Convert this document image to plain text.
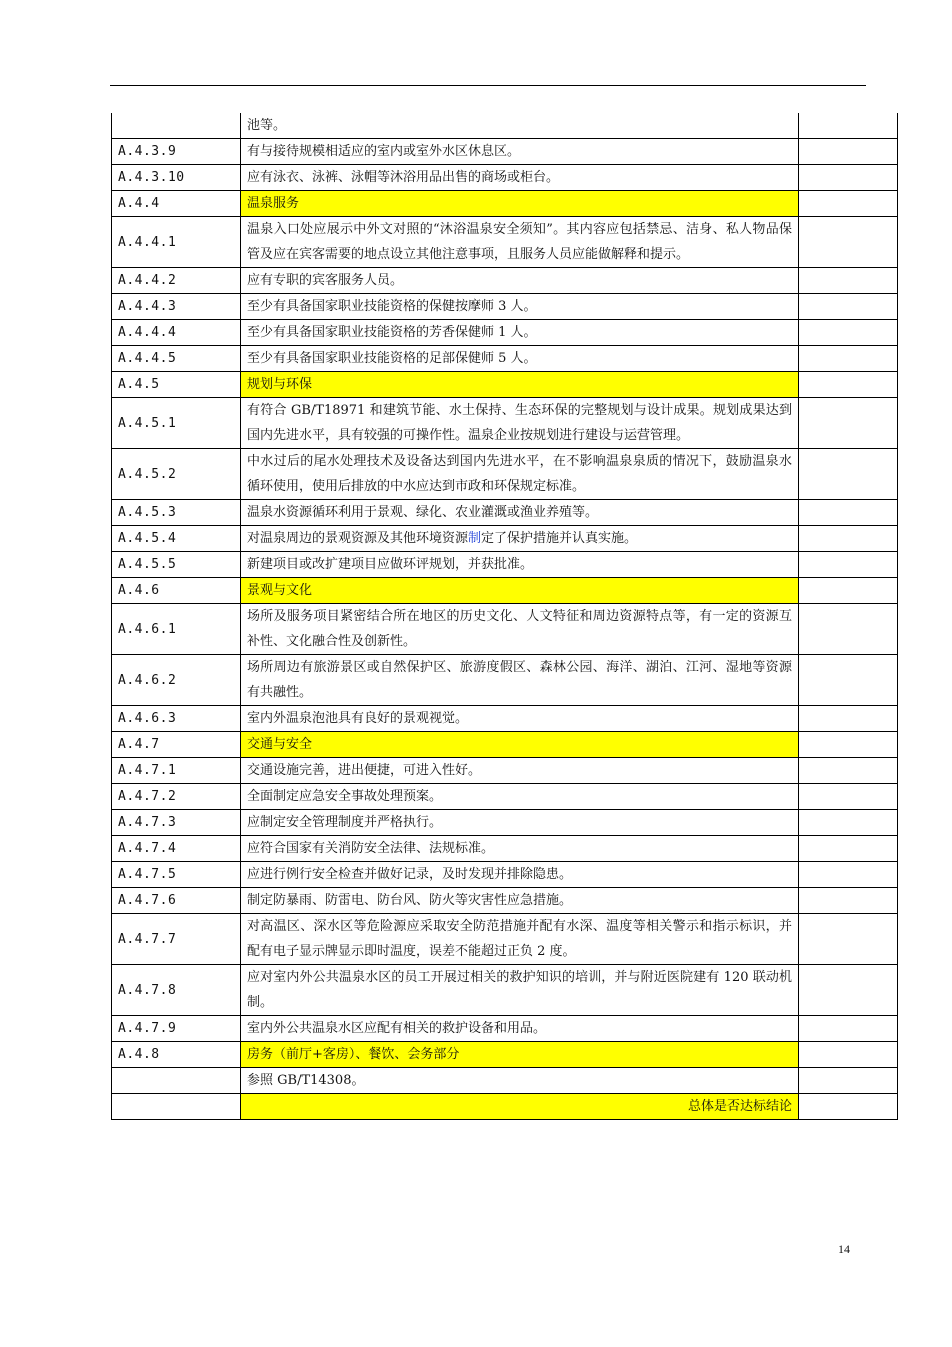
	池等。	
A.4.3.9	有与接待规模相适应的室内或室外水区休息区。	
A.4.3.10	应有泳衣、泳裤、泳帽等沐浴用品出售的商场或柜台。	
A.4.4	温泉服务	
A.4.4.1	温泉入口处应展示中外文对照的“沐浴温泉安全须知”。其内容应包括禁忌、洁身、私人物品保管及应在宾客需要的地点设立其他注意事项，且服务人员应能做解释和提示。	
A.4.4.2	应有专职的宾客服务人员。	
A.4.4.3	至少有具备国家职业技能资格的保健按摩师 3 人。	
A.4.4.4	至少有具备国家职业技能资格的芳香保健师 1 人。	
A.4.4.5	至少有具备国家职业技能资格的足部保健师 5 人。	
A.4.5	规划与环保	
A.4.5.1	有符合 GB/T18971 和建筑节能、水土保持、生态环保的完整规划与设计成果。规划成果达到国内先进水平，具有较强的可操作性。温泉企业按规划进行建设与运营管理。	
A.4.5.2	中水过后的尾水处理技术及设备达到国内先进水平，在不影响温泉泉质的情况下，鼓励温泉水循环使用，使用后排放的中水应达到市政和环保规定标准。	
A.4.5.3	温泉水资源循环利用于景观、绿化、农业灌溉或渔业养殖等。	
A.4.5.4	对温泉周边的景观资源及其他环境资源制定了保护措施并认真实施。	
A.4.5.5	新建项目或改扩建项目应做环评规划，并获批准。	
A.4.6	景观与文化	
A.4.6.1	场所及服务项目紧密结合所在地区的历史文化、人文特征和周边资源特点等，有一定的资源互补性、文化融合性及创新性。	
A.4.6.2	场所周边有旅游景区或自然保护区、旅游度假区、森林公园、海洋、湖泊、江河、湿地等资源有共融性。	
A.4.6.3	室内外温泉泡池具有良好的景观视觉。	
A.4.7	交通与安全	
A.4.7.1	交通设施完善，进出便捷，可进入性好。	
A.4.7.2	全面制定应急安全事故处理预案。	
A.4.7.3	应制定安全管理制度并严格执行。	
A.4.7.4	应符合国家有关消防安全法律、法规标准。	
A.4.7.5	应进行例行安全检查并做好记录，及时发现并排除隐患。	
A.4.7.6	制定防暴雨、防雷电、防台风、防火等灾害性应急措施。	
A.4.7.7	对高温区、深水区等危险源应采取安全防范措施并配有水深、温度等相关警示和指示标识，并配有电子显示牌显示即时温度，误差不能超过正负 2 度。	
A.4.7.8	应对室内外公共温泉水区的员工开展过相关的救护知识的培训，并与附近医院建有 120 联动机制。	
A.4.7.9	室内外公共温泉水区应配有相关的救护设备和用品。	
A.4.8	房务（前厅+客房）、餐饮、会务部分	
	参照 GB/T14308。	
	总体是否达标结论	
14
